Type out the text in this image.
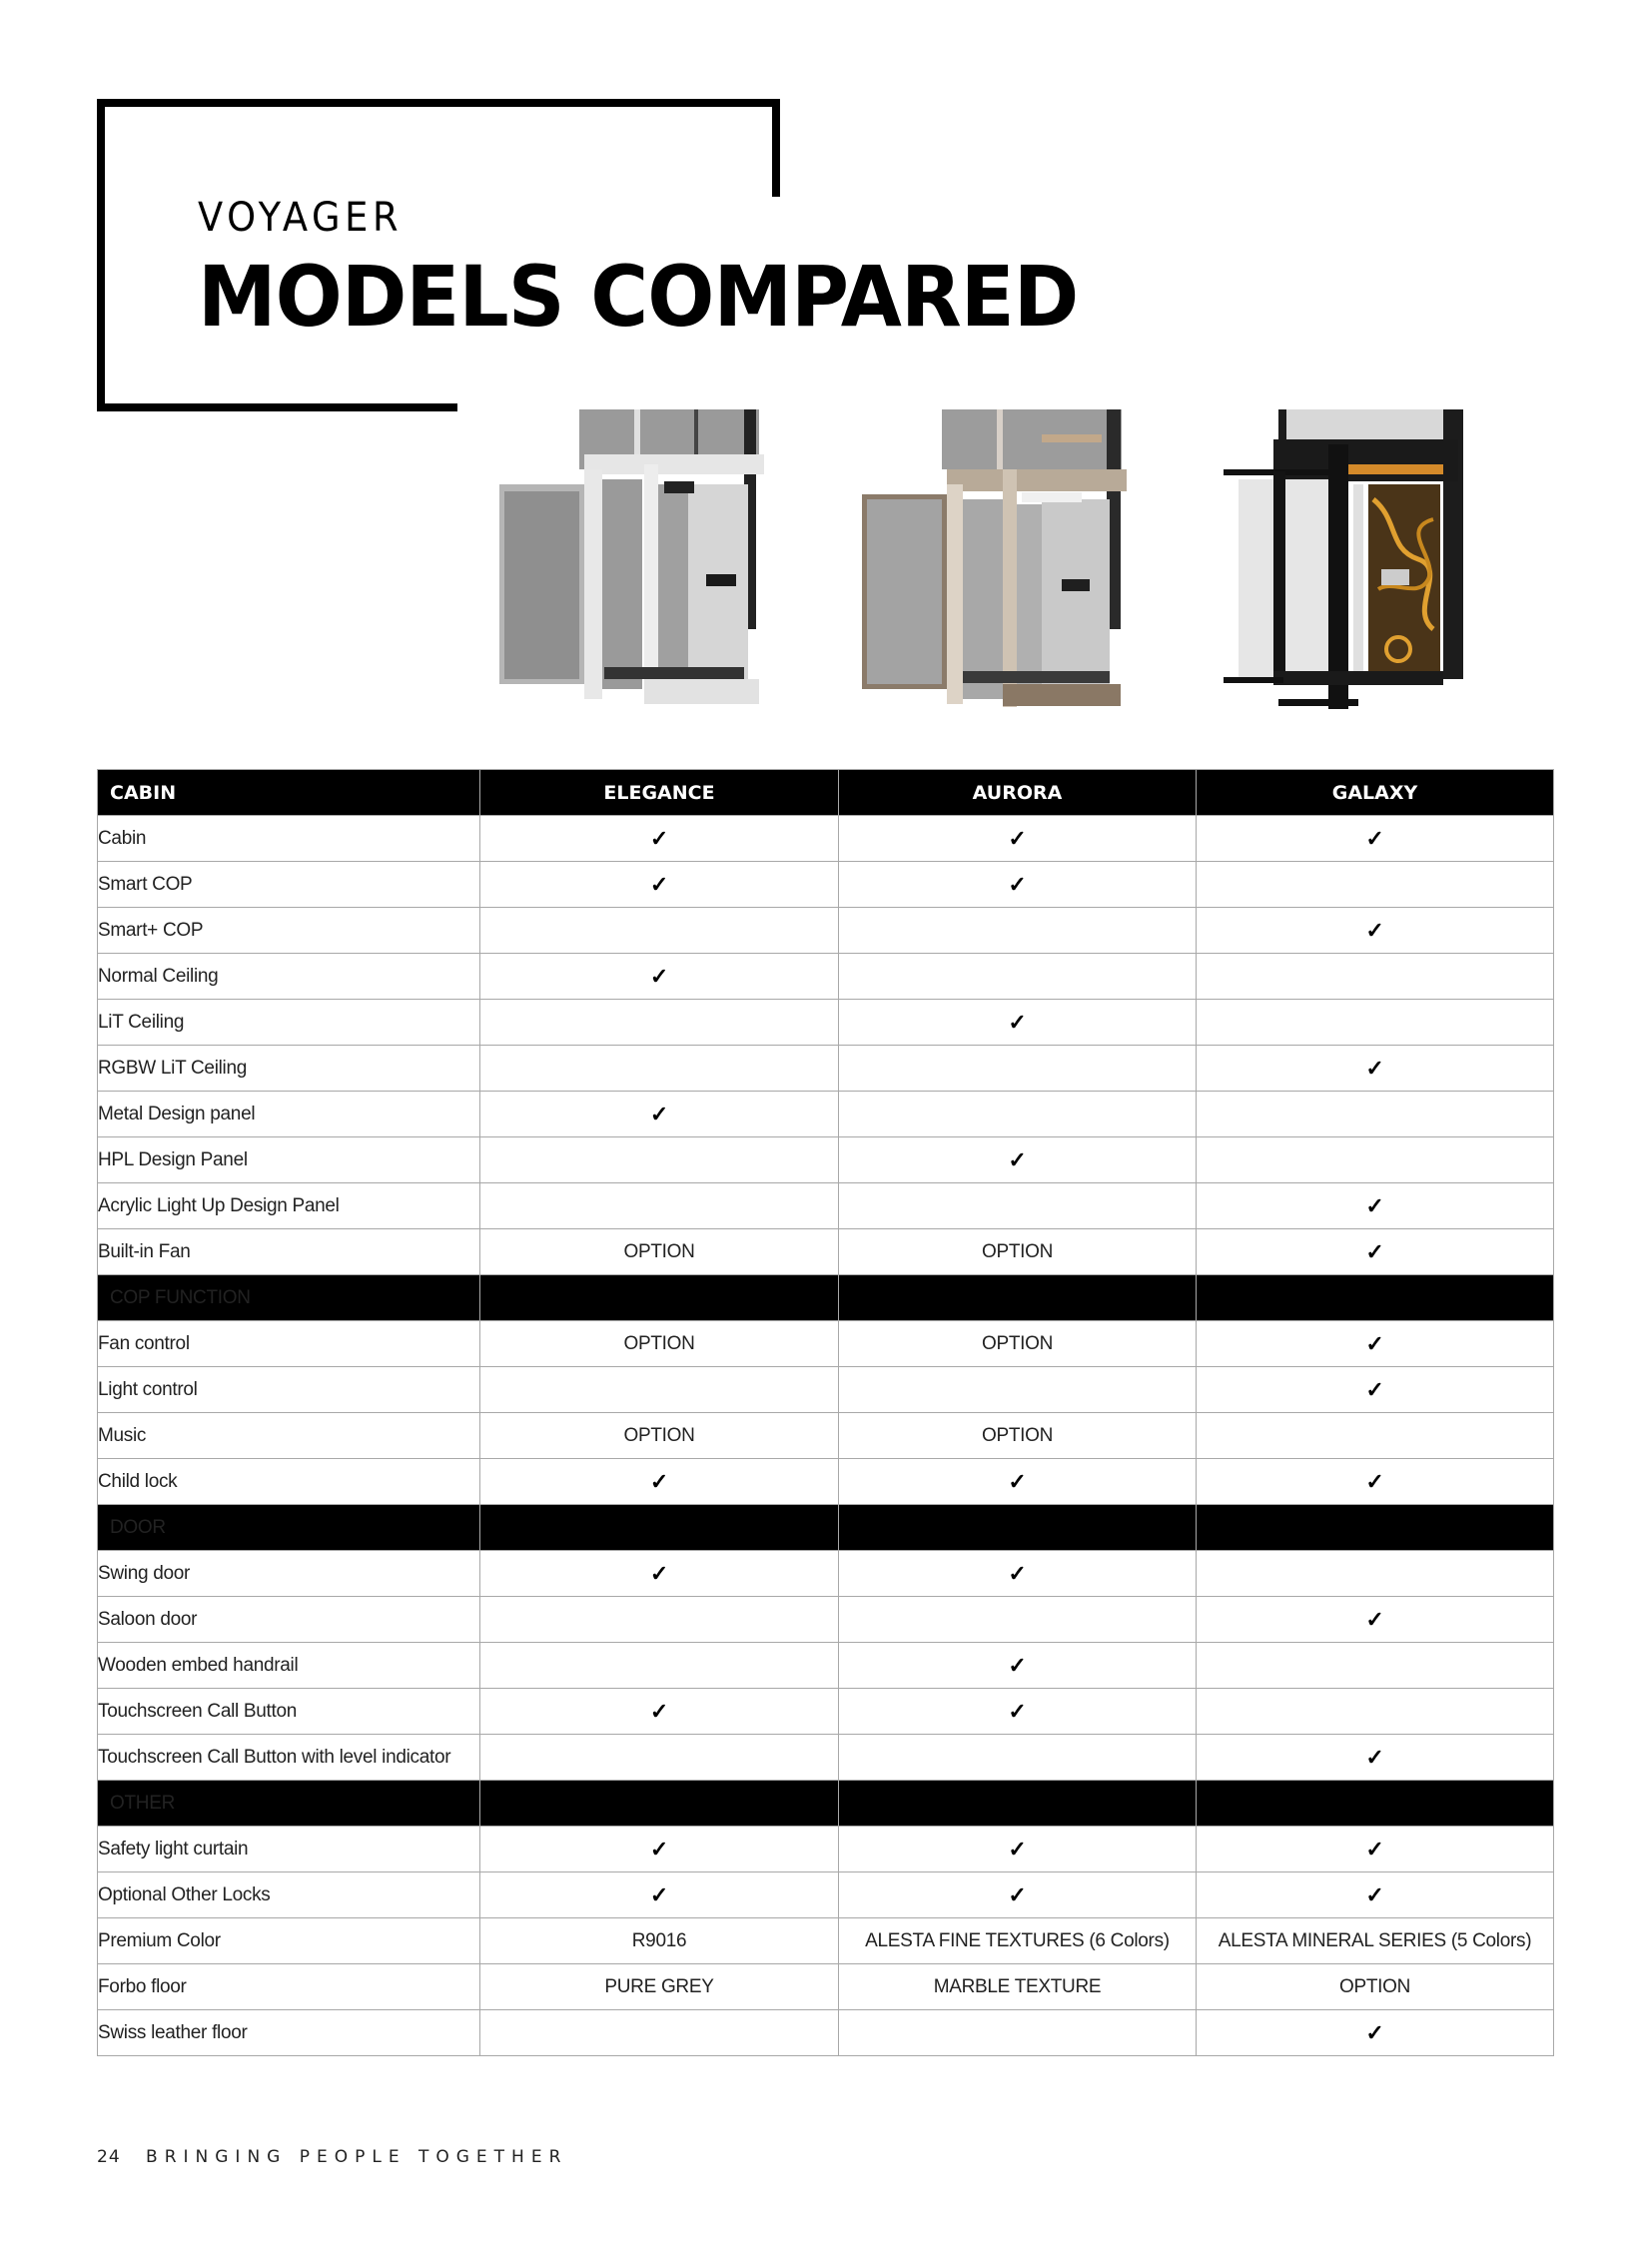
VOYAGER
MODELS COMPARED
CABIN	ELEGANCE	AURORA	GALAXY
Cabin	✓	✓	✓
Smart COP	✓	✓	
Smart+ COP			✓
Normal Ceiling	✓		
LiT Ceiling		✓	
RGBW LiT Ceiling			✓
Metal Design panel	✓		
HPL Design Panel		✓	
Acrylic Light Up Design Panel			✓
Built-in Fan	OPTION	OPTION	✓
COP FUNCTION			
Fan control	OPTION	OPTION	✓
Light control			✓
Music	OPTION	OPTION	
Child lock	✓	✓	✓
DOOR			
Swing door	✓	✓	
Saloon door			✓
Wooden embed handrail		✓	
Touchscreen Call Button	✓	✓	
Touchscreen Call Button with level indicator			✓
OTHER			
Safety light curtain	✓	✓	✓
Optional Other Locks	✓	✓	✓
Premium Color	R9016	ALESTA FINE TEXTURES (6 Colors)	ALESTA MINERAL SERIES (5 Colors)
Forbo floor	PURE GREY	MARBLE TEXTURE	OPTION
Swiss leather floor			✓
24 BRINGING PEOPLE TOGETHER
